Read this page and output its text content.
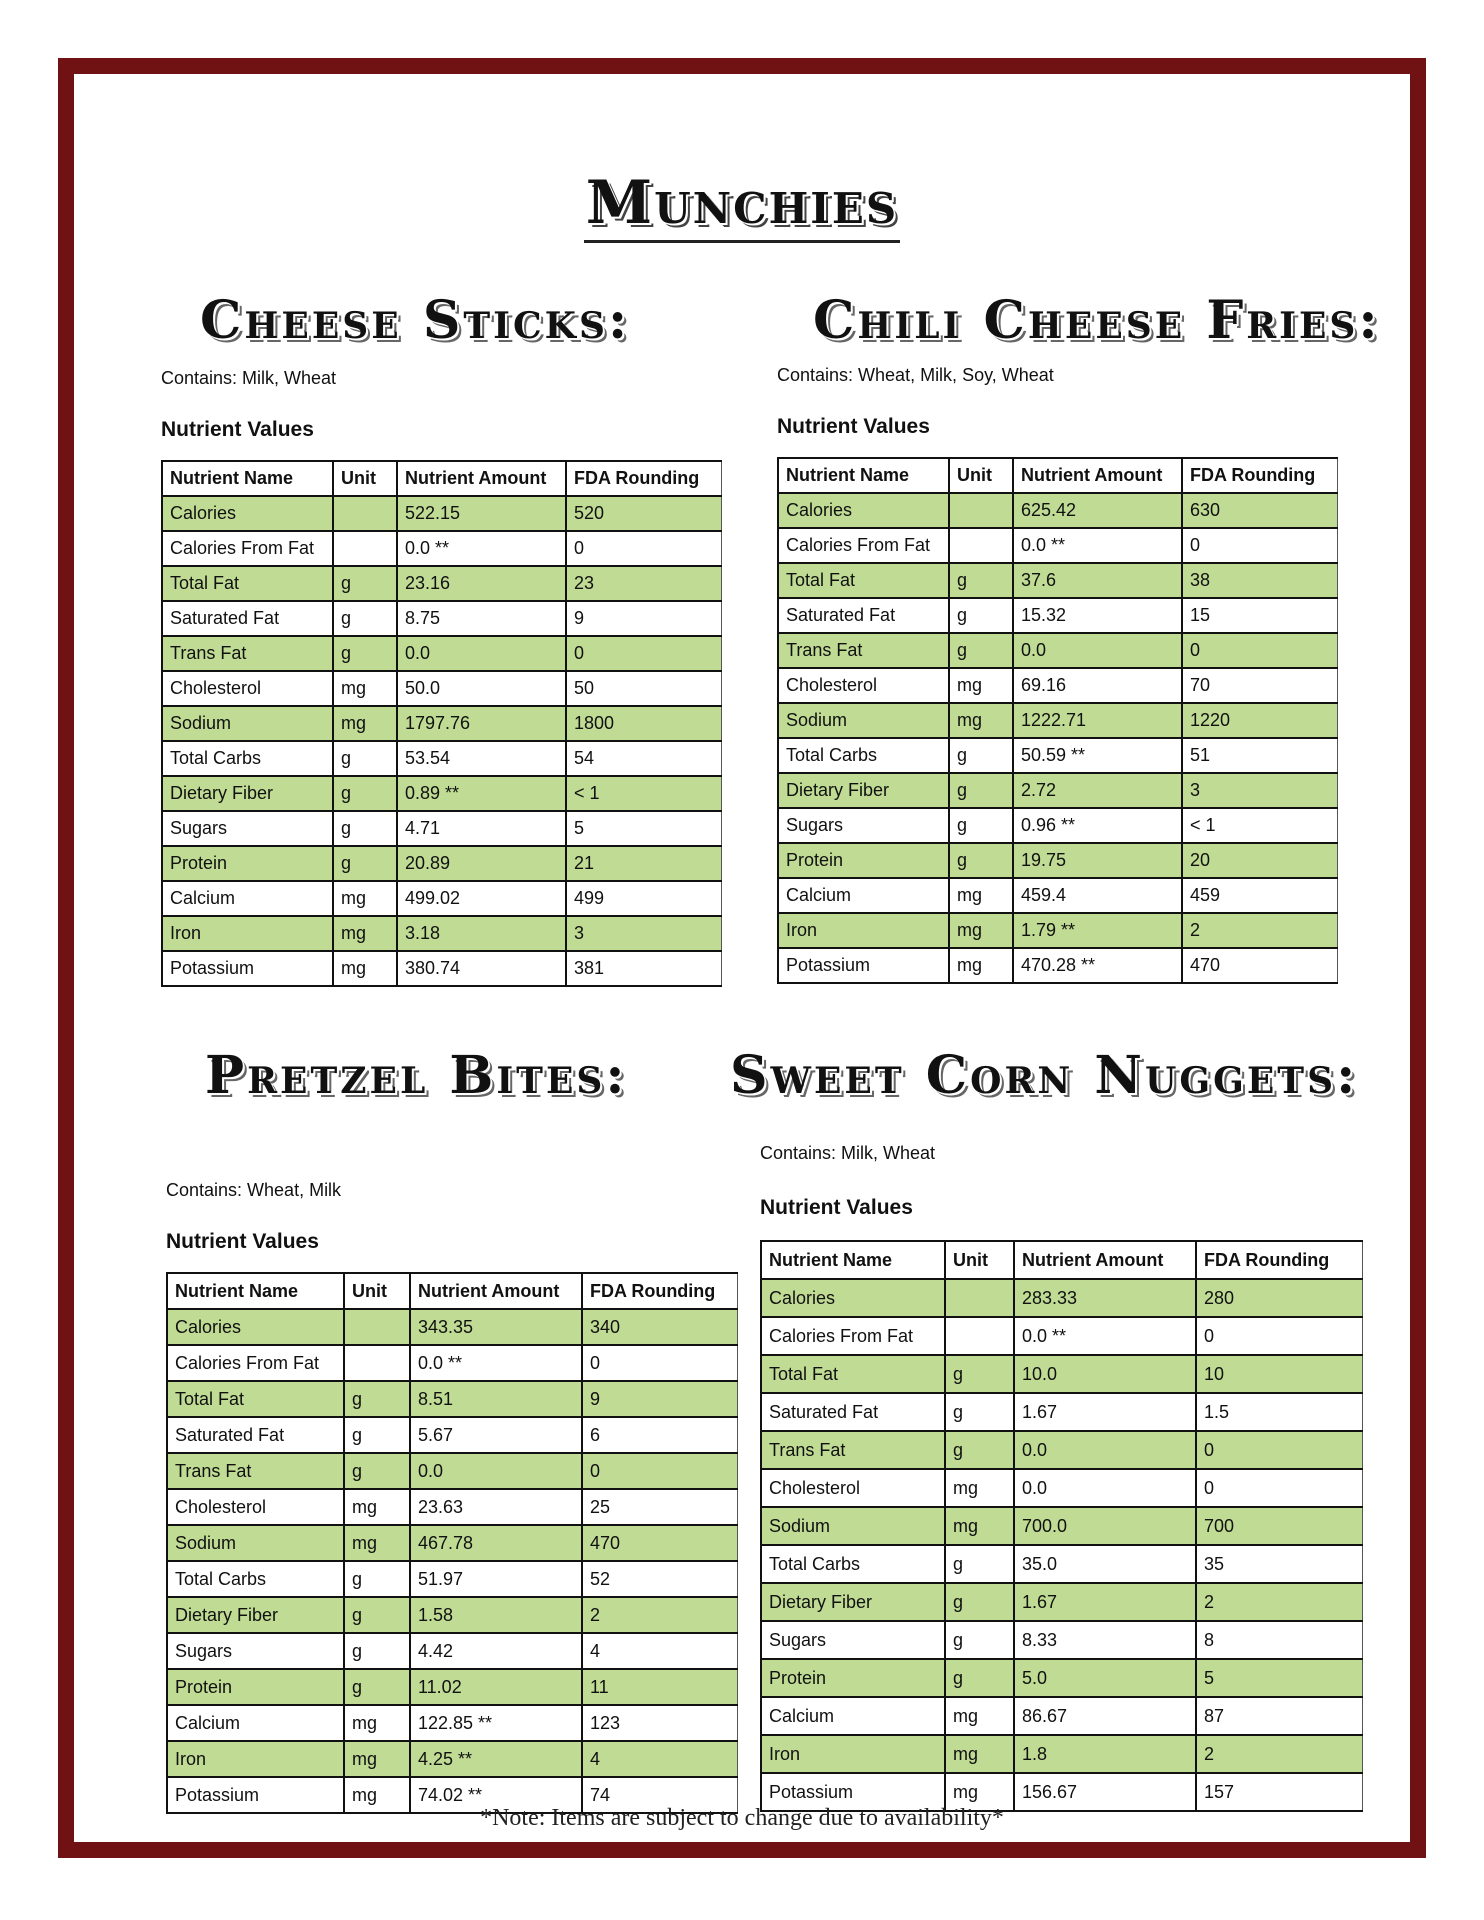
Munchies
Cheese Sticks:
Contains: Milk, Wheat
Nutrient Values
Nutrient Name	Unit	Nutrient Amount	FDA Rounding
Calories		522.15	520
Calories From Fat		0.0 **	0
Total Fat	g	23.16	23
Saturated Fat	g	8.75	9
Trans Fat	g	0.0	0
Cholesterol	mg	50.0	50
Sodium	mg	1797.76	1800
Total Carbs	g	53.54	54
Dietary Fiber	g	0.89 **	< 1
Sugars	g	4.71	5
Protein	g	20.89	21
Calcium	mg	499.02	499
Iron	mg	3.18	3
Potassium	mg	380.74	381
Chili Cheese Fries:
Contains: Wheat, Milk, Soy, Wheat
Nutrient Values
Nutrient Name	Unit	Nutrient Amount	FDA Rounding
Calories		625.42	630
Calories From Fat		0.0 **	0
Total Fat	g	37.6	38
Saturated Fat	g	15.32	15
Trans Fat	g	0.0	0
Cholesterol	mg	69.16	70
Sodium	mg	1222.71	1220
Total Carbs	g	50.59 **	51
Dietary Fiber	g	2.72	3
Sugars	g	0.96 **	< 1
Protein	g	19.75	20
Calcium	mg	459.4	459
Iron	mg	1.79 **	2
Potassium	mg	470.28 **	470
Pretzel Bites:
Contains: Wheat, Milk
Nutrient Values
Nutrient Name	Unit	Nutrient Amount	FDA Rounding
Calories		343.35	340
Calories From Fat		0.0 **	0
Total Fat	g	8.51	9
Saturated Fat	g	5.67	6
Trans Fat	g	0.0	0
Cholesterol	mg	23.63	25
Sodium	mg	467.78	470
Total Carbs	g	51.97	52
Dietary Fiber	g	1.58	2
Sugars	g	4.42	4
Protein	g	11.02	11
Calcium	mg	122.85 **	123
Iron	mg	4.25 **	4
Potassium	mg	74.02 **	74
Sweet Corn Nuggets:
Contains: Milk, Wheat
Nutrient Values
Nutrient Name	Unit	Nutrient Amount	FDA Rounding
Calories		283.33	280
Calories From Fat		0.0 **	0
Total Fat	g	10.0	10
Saturated Fat	g	1.67	1.5
Trans Fat	g	0.0	0
Cholesterol	mg	0.0	0
Sodium	mg	700.0	700
Total Carbs	g	35.0	35
Dietary Fiber	g	1.67	2
Sugars	g	8.33	8
Protein	g	5.0	5
Calcium	mg	86.67	87
Iron	mg	1.8	2
Potassium	mg	156.67	157
*Note: Items are subject to change due to availability*
